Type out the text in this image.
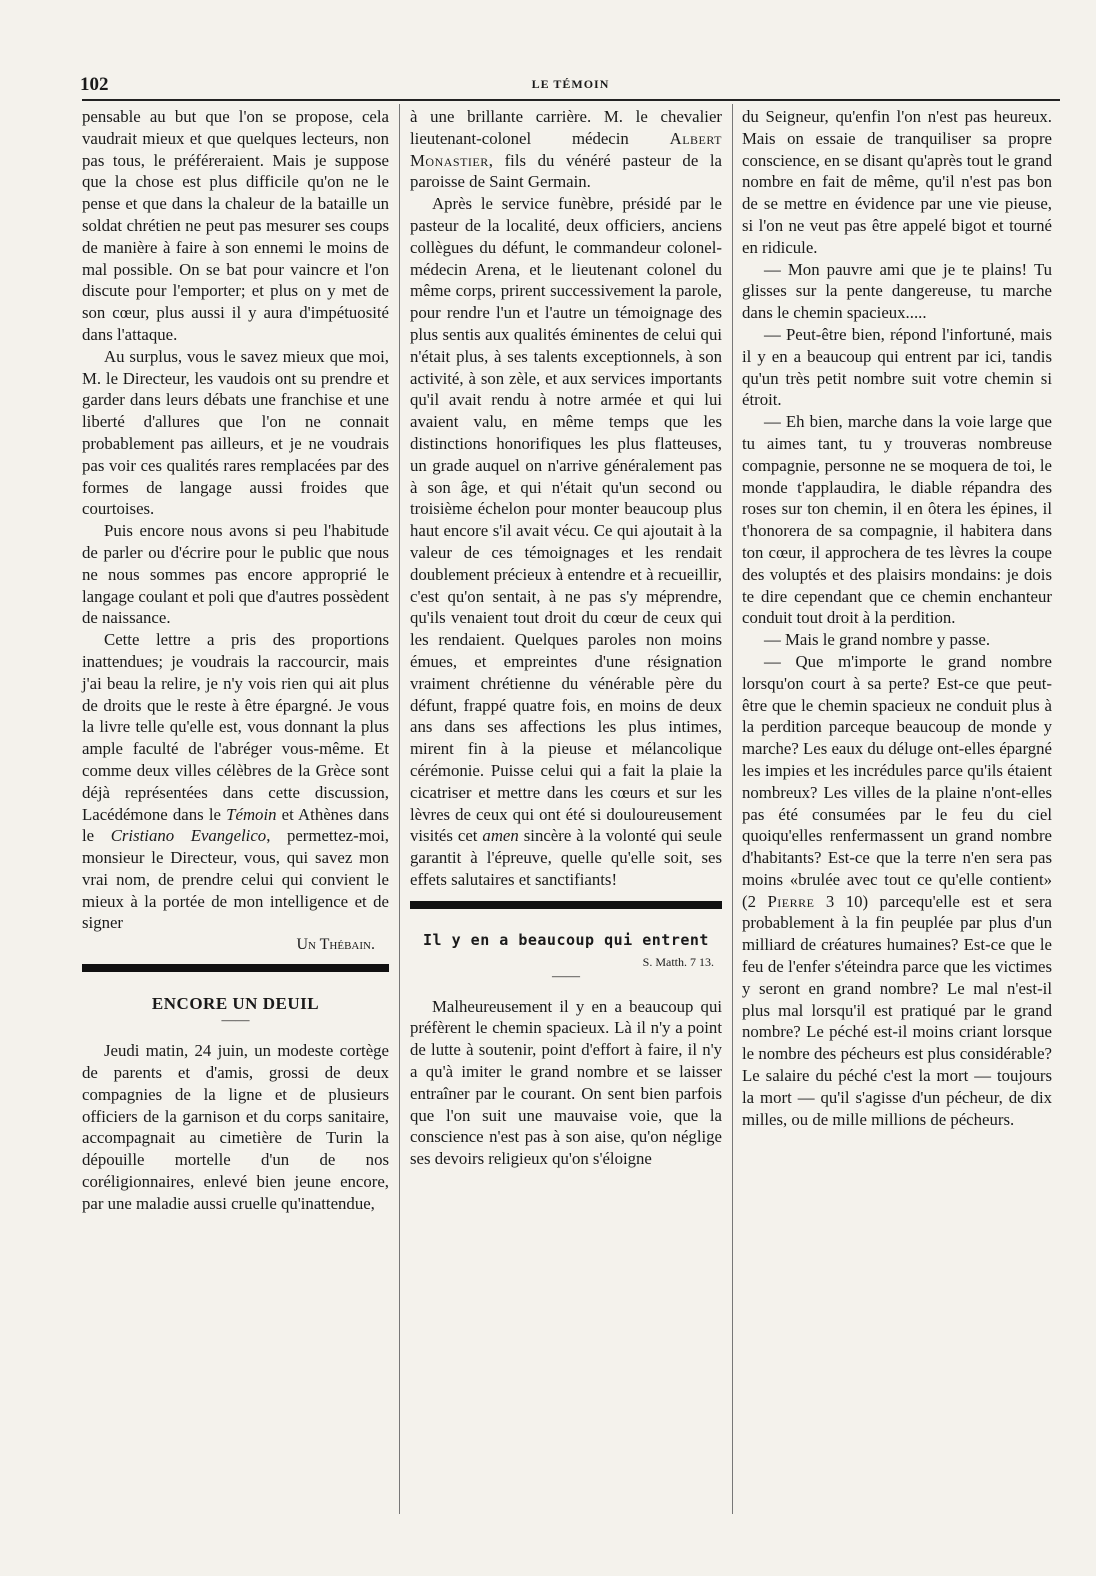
102	LE TÉMOIN

pensable au but que l'on se propose, cela vaudrait mieux et que quelques lecteurs, non pas tous, le préféreraient. Mais je suppose que la chose est plus difficile qu'on ne le pense et que dans la chaleur de la bataille un soldat chrétien ne peut pas mesurer ses coups de manière à faire à son ennemi le moins de mal possible. On se bat pour vaincre et l'on discute pour l'emporter; et plus on y met de son cœur, plus aussi il y aura d'impétuosité dans l'attaque.

Au surplus, vous le savez mieux que moi, M. le Directeur, les vaudois ont su prendre et garder dans leurs débats une franchise et une liberté d'allures que l'on ne connait probablement pas ailleurs, et je ne voudrais pas voir ces qualités rares remplacées par des formes de langage aussi froides que courtoises.

Puis encore nous avons si peu l'habitude de parler ou d'écrire pour le public que nous ne nous sommes pas encore approprié le langage coulant et poli que d'autres possèdent de naissance.

Cette lettre a pris des proportions inattendues; je voudrais la raccourcir, mais j'ai beau la relire, je n'y vois rien qui ait plus de droits que le reste à être épargné. Je vous la livre telle qu'elle est, vous donnant la plus ample faculté de l'abréger vous-même. Et comme deux villes célèbres de la Grèce sont déjà représentées dans cette discussion, Lacédémone dans le Témoin et Athènes dans le Cristiano Evangelico, permettez-moi, monsieur le Directeur, vous, qui savez mon vrai nom, de prendre celui qui convient le mieux à la portée de mon intelligence et de signer

Un Thébain.
ENCORE UN DEUIL
——

Jeudi matin, 24 juin, un modeste cortège de parents et d'amis, grossi de deux compagnies de la ligne et de plusieurs officiers de la garnison et du corps sanitaire, accompagnait au cimetière de Turin la dépouille mortelle d'un de nos coréligionnaires, enlevé bien jeune encore, par une maladie aussi cruelle qu'inattendue,

à une brillante carrière. M. le chevalier lieutenant-colonel médecin Albert Monastier, fils du vénéré pasteur de la paroisse de Saint Germain.

Après le service funèbre, présidé par le pasteur de la localité, deux officiers, anciens collègues du défunt, le commandeur colonel-médecin Arena, et le lieutenant colonel du même corps, prirent successivement la parole, pour rendre l'un et l'autre un témoignage des plus sentis aux qualités éminentes de celui qui n'était plus, à ses talents exceptionnels, à son activité, à son zèle, et aux services importants qu'il avait rendu à notre armée et qui lui avaient valu, en même temps que les distinctions honorifiques les plus flatteuses, un grade auquel on n'arrive généralement pas à son âge, et qui n'était qu'un second ou troisième échelon pour monter beaucoup plus haut encore s'il avait vécu. Ce qui ajoutait à la valeur de ces témoignages et les rendait doublement précieux à entendre et à recueillir, c'est qu'on sentait, à ne pas s'y méprendre, qu'ils venaient tout droit du cœur de ceux qui les rendaient. Quelques paroles non moins émues, et empreintes d'une résignation vraiment chrétienne du vénérable père du défunt, frappé quatre fois, en moins de deux ans dans ses affections les plus intimes, mirent fin à la pieuse et mélancolique cérémonie. Puisse celui qui a fait la plaie la cicatriser et mettre dans les cœurs et sur les lèvres de ceux qui ont été si douloureusement visités cet amen sincère à la volonté qui seule garantit à l'épreuve, quelle qu'elle soit, ses effets salutaires et sanctifiants!

Il y en a beaucoup qui entrent
S. Matth. 7 13.
——

Malheureusement il y en a beaucoup qui préfèrent le chemin spacieux. Là il n'y a point de lutte à soutenir, point d'effort à faire, il n'y a qu'à imiter le grand nombre et se laisser entraîner par le courant. On sent bien parfois que l'on suit une mauvaise voie, que la conscience n'est pas à son aise, qu'on néglige ses devoirs religieux qu'on s'éloigne

du Seigneur, qu'enfin l'on n'est pas heureux. Mais on essaie de tranquiliser sa propre conscience, en se disant qu'après tout le grand nombre en fait de même, qu'il n'est pas bon de se mettre en évidence par une vie pieuse, si l'on ne veut pas être appelé bigot et tourné en ridicule.

— Mon pauvre ami que je te plains! Tu glisses sur la pente dangereuse, tu marche dans le chemin spacieux.....

— Peut-être bien, répond l'infortuné, mais il y en a beaucoup qui entrent par ici, tandis qu'un très petit nombre suit votre chemin si étroit.

— Eh bien, marche dans la voie large que tu aimes tant, tu y trouveras nombreuse compagnie, personne ne se moquera de toi, le monde t'applaudira, le diable répandra des roses sur ton chemin, il en ôtera les épines, il t'honorera de sa compagnie, il habitera dans ton cœur, il approchera de tes lèvres la coupe des voluptés et des plaisirs mondains: je dois te dire cependant que ce chemin enchanteur conduit tout droit à la perdition.

— Mais le grand nombre y passe.

— Que m'importe le grand nombre lorsqu'on court à sa perte? Est-ce que peut-être que le chemin spacieux ne conduit plus à la perdition parceque beaucoup de monde y marche? Les eaux du déluge ont-elles épargné les impies et les incrédules parce qu'ils étaient nombreux? Les villes de la plaine n'ont-elles pas été consumées par le feu du ciel quoiqu'elles renfermassent un grand nombre d'habitants? Est-ce que la terre n'en sera pas moins «brulée avec tout ce qu'elle contient» (2 Pierre 3 10) parcequ'elle est et sera probablement à la fin peuplée par plus d'un milliard de créatures humaines? Est-ce que le feu de l'enfer s'éteindra parce que les victimes y seront en grand nombre? Le mal n'est-il plus mal lorsqu'il est pratiqué par le grand nombre? Le péché est-il moins criant lorsque le nombre des pécheurs est plus considérable? Le salaire du péché c'est la mort — toujours la mort — qu'il s'agisse d'un pécheur, de dix milles, ou de mille millions de pécheurs.
